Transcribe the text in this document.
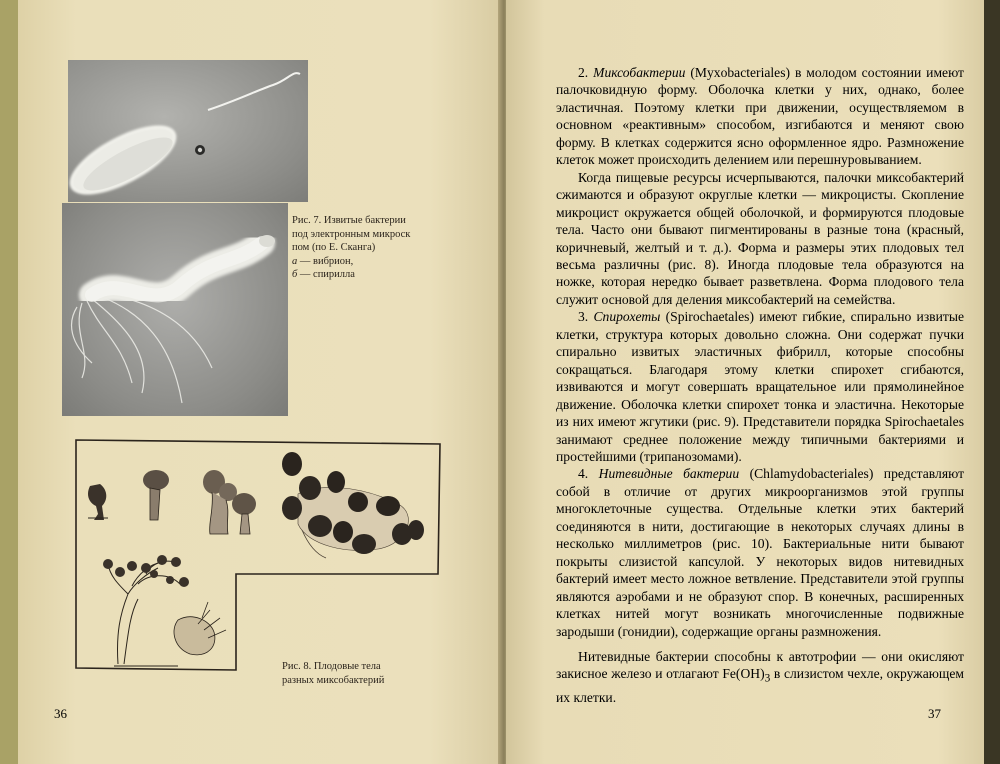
Рис. 7. Извитые бактерии
под электронным микроск
пом (по Е. Сканга)
а — вибрион,
б — спирилла
Рис. 8. Плодовые тела
разных миксобактерий
36

2. Миксобактерии (Myxobacteriales) в молодом состоянии имеют палочковидную форму. Оболочка клетки у них, однако, более эластичная. Поэтому клетки при движении, осуществляемом в основном «реактивным» способом, изгибаются и меняют свою форму. В клетках содержится ясно оформленное ядро. Размножение клеток может происходить делением или перешнуровыванием.

Когда пищевые ресурсы исчерпываются, палочки миксобактерий сжимаются и образуют округлые клетки — микроцисты. Скопление микроцист окружается общей оболочкой, и формируются плодовые тела. Часто они бывают пигментированы в разные тона (красный, коричневый, желтый и т. д.). Форма и размеры этих плодовых тел весьма различны (рис. 8). Иногда плодовые тела образуются на ножке, которая нередко бывает разветвлена. Форма плодового тела служит основой для деления миксобактерий на семейства.

3. Спирохеты (Spirochaetales) имеют гибкие, спирально извитые клетки, структура которых довольно сложна. Они содержат пучки спирально извитых эластичных фибрилл, которые способны сокращаться. Благодаря этому клетки спирохет сгибаются, извиваются и могут совершать вращательное или прямолинейное движение. Оболочка клетки спирохет тонка и эластична. Некоторые из них имеют жгутики (рис. 9). Представители порядка Spirochaetales занимают среднее положение между типичными бактериями и простейшими (трипанозомами).

4. Нитевидные бактерии (Chlamydobacteriales) представляют собой в отличие от других микроорганизмов этой группы многоклеточные существа. Отдельные клетки этих бактерий соединяются в нити, достигающие в некоторых случаях длины в несколько миллиметров (рис. 10). Бактериальные нити бывают покрыты слизистой капсулой. У некоторых видов нитевидных бактерий имеет место ложное ветвление. Представители этой группы являются аэробами и не образуют спор. В конечных, расширенных клетках нитей могут возникать многочисленные подвижные зародыши (гонидии), содержащие органы размножения.

Нитевидные бактерии способны к автотрофии — они окисляют закисное железо и отлагают $Fe(OH)_3$ в слизистом чехле, окружающем их клетки.

37
